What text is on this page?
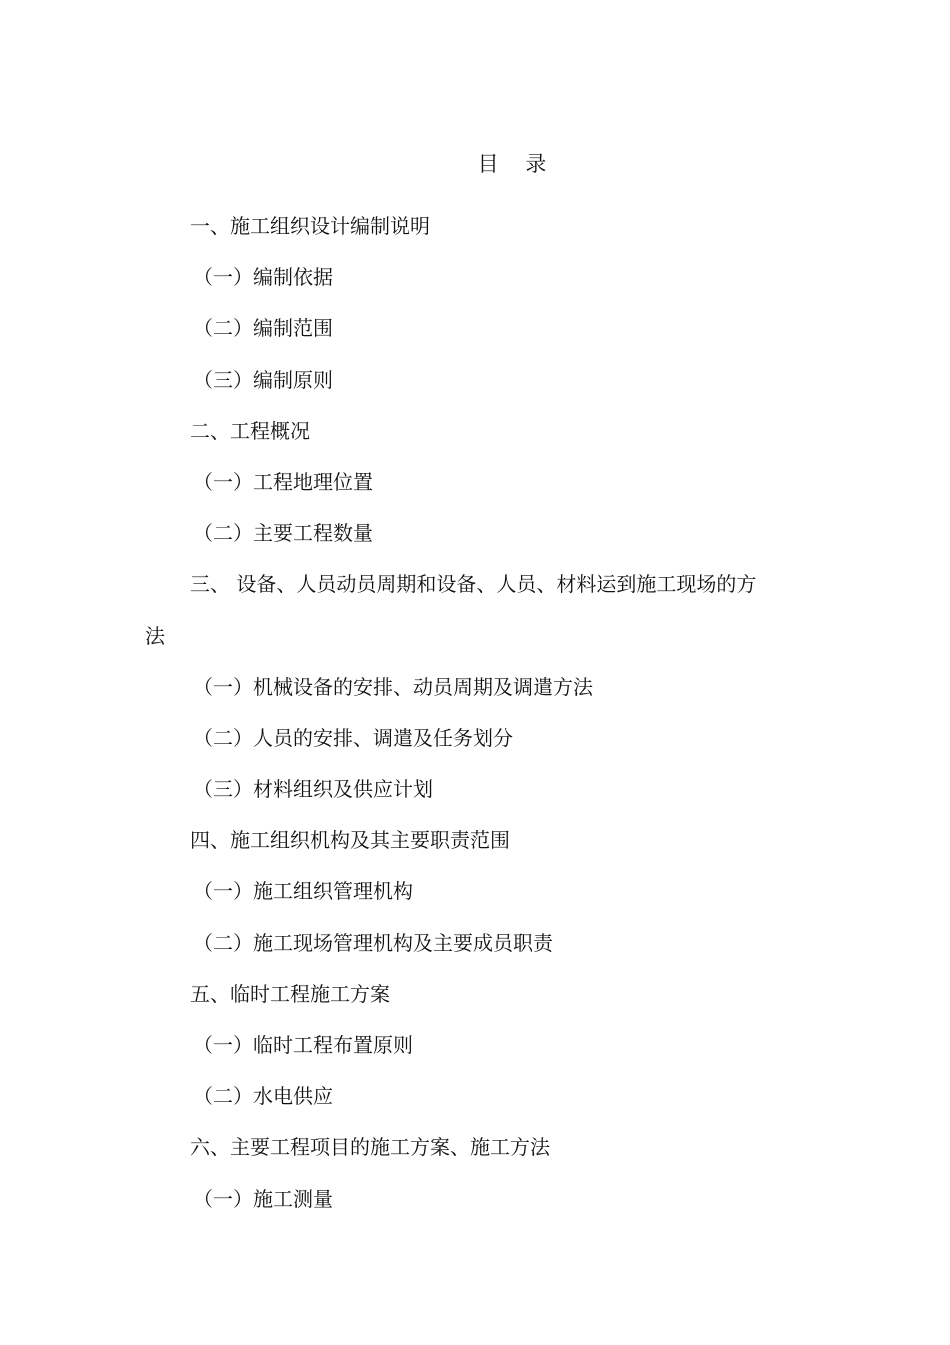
目    录
一、施工组织设计编制说明
（一）编制依据
（二）编制范围
（三）编制原则
二、工程概况
（一）工程地理位置
（二）主要工程数量
三、 设备、人员动员周期和设备、人员、材料运到施工现场的方
法
（一）机械设备的安排、动员周期及调遣方法
（二）人员的安排、调遣及任务划分
（三）材料组织及供应计划
四、施工组织机构及其主要职责范围
（一）施工组织管理机构
（二）施工现场管理机构及主要成员职责
五、临时工程施工方案
（一）临时工程布置原则
（二）水电供应
六、主要工程项目的施工方案、施工方法
（一）施工测量
